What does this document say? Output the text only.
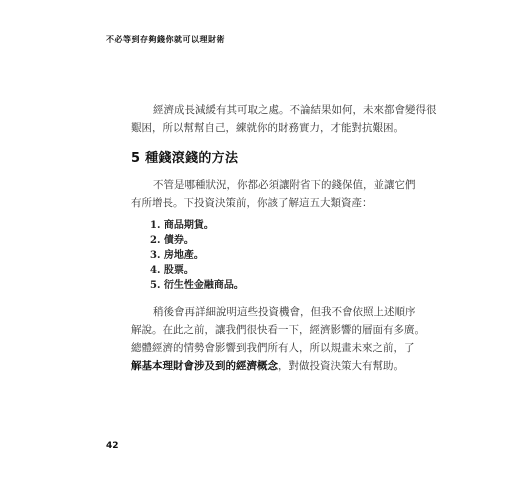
不必等到存夠錢你就可以理財術

經濟成長減緩有其可取之處。不論結果如何，未來都會變得很
艱困，所以幫幫自己，練就你的財務實力，才能對抗艱困。

5 種錢滾錢的方法

不管是哪種狀況，你都必須讓附省下的錢保值，並讓它們
有所增長。下投資決策前，你該了解這五大類資產：

1. 商品期貨。
2. 債券。
3. 房地產。
4. 股票。
5. 衍生性金融商品。

稍後會再詳細說明這些投資機會，但我不會依照上述順序
解說。在此之前，讓我們很快看一下，經濟影響的層面有多廣。
總體經濟的情勢會影響到我們所有人，所以規畫未來之前，了
解基本理財會涉及到的經濟概念，對做投資決策大有幫助。

42
